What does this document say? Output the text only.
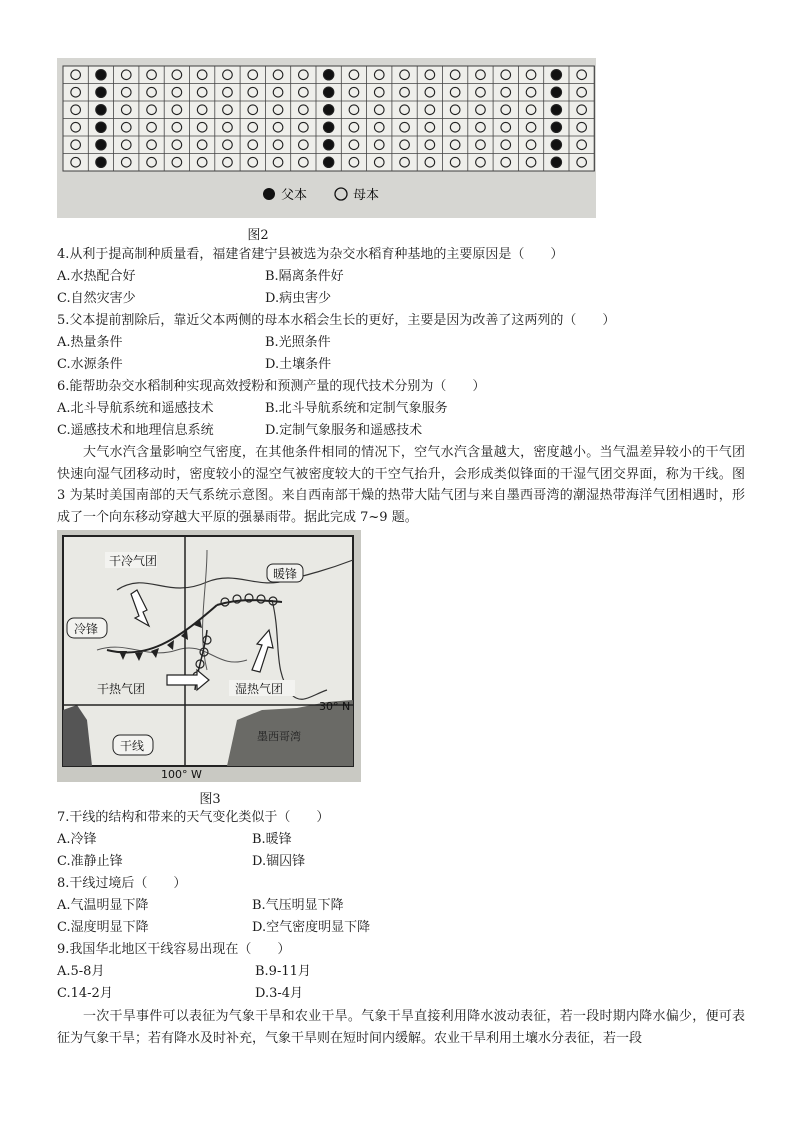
父本	母本
图2
4.从利于提高制种质量看，福建省建宁县被选为杂交水稻育种基地的主要原因是（　　）
A.水热配合好	B.隔离条件好
C.自然灾害少	D.病虫害少
5.父本提前割除后，靠近父本两侧的母本水稻会生长的更好，主要是因为改善了这两列的（　　）
A.热量条件	B.光照条件
C.水源条件	D.土壤条件
6.能帮助杂交水稻制种实现高效授粉和预测产量的现代技术分别为（　　）
A.北斗导航系统和遥感技术	B.北斗导航系统和定制气象服务
C.遥感技术和地理信息系统	D.定制气象服务和遥感技术

大气水汽含量影响空气密度，在其他条件相同的情况下，空气水汽含量越大，密度越小。当气温差异较小的干气团快速向湿气团移动时，密度较小的湿空气被密度较大的干空气抬升，会形成类似锋面的干湿气团交界面，称为干线。图 3 为某时美国南部的天气系统示意图。来自西南部干燥的热带大陆气团与来自墨西哥湾的潮湿热带海洋气团相遇时，形成了一个向东移动穿越大平原的强暴雨带。据此完成 7~9 题。

干冷气团
暖锋
冷锋
干热气团	湿热气团
干线
30° N
100° W
墨西哥湾
图3
7.干线的结构和带来的天气变化类似于（　　）
A.冷锋	B.暖锋
C.准静止锋	D.锢囚锋
8.干线过境后（　　）
A.气温明显下降	B.气压明显下降
C.湿度明显下降	D.空气密度明显下降
9.我国华北地区干线容易出现在（　　）
A.5-8月	B.9-11月
C.14-2月	D.3-4月

一次干旱事件可以表征为气象干旱和农业干旱。气象干旱直接利用降水波动表征，若一段时期内降水偏少，便可表征为气象干旱；若有降水及时补充，气象干旱则在短时间内缓解。农业干旱利用土壤水分表征，若一段
